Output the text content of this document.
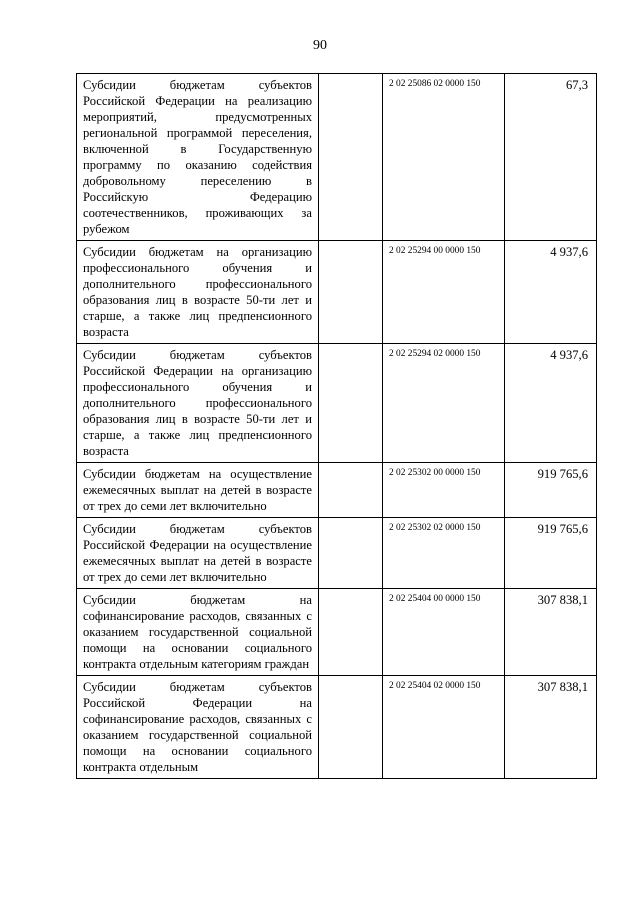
90
Субсидии бюджетам субъектов Российской Федерации на реализацию мероприятий, предусмотренных региональной программой переселения, включенной в Государственную программу по оказанию содействия добровольному переселению в Российскую Федерацию соотечественников, проживающих за рубежом		2 02 25086 02 0000 150	67,3
Субсидии бюджетам на организацию профессионального обучения и дополнительного профессионального образования лиц в возрасте 50-ти лет и старше, а также лиц предпенсионного возраста		2 02 25294 00 0000 150	4 937,6
Субсидии бюджетам субъектов Российской Федерации на организацию профессионального обучения и дополнительного профессионального образования лиц в возрасте 50-ти лет и старше, а также лиц предпенсионного возраста		2 02 25294 02 0000 150	4 937,6
Субсидии бюджетам на осуществление ежемесячных выплат на детей в возрасте от трех до семи лет включительно		2 02 25302 00 0000 150	919 765,6
Субсидии бюджетам субъектов Российской Федерации на осуществление ежемесячных выплат на детей в возрасте от трех до семи лет включительно		2 02 25302 02 0000 150	919 765,6
Субсидии бюджетам на софинансирование расходов, связанных с оказанием государственной социальной помощи на основании социального контракта отдельным категориям граждан		2 02 25404 00 0000 150	307 838,1
Субсидии бюджетам субъектов Российской Федерации на софинансирование расходов, связанных с оказанием государственной социальной помощи на основании социального контракта отдельным		2 02 25404 02 0000 150	307 838,1
